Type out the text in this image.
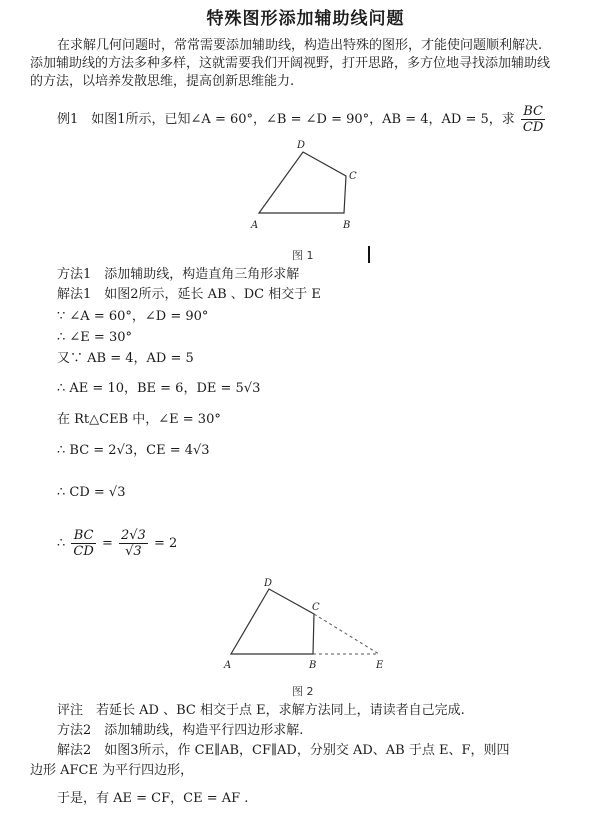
特殊图形添加辅助线问题
在求解几何问题时，常常需要添加辅助线，构造出特殊的图形，才能使问题顺利解决.
添加辅助线的方法多种多样，这就需要我们开阔视野，打开思路，多方位地寻找添加辅助线
的方法，以培养发散思维，提高创新思维能力.
例1　如图1所示，已知∠A = 60°，∠B = ∠D = 90°，AB = 4，AD = 5，求 $\frac{BC}{CD}$
A	B
C
D
图 1
方法1　添加辅助线，构造直角三角形求解
解法1　如图2所示，延长 AB 、DC 相交于 E
∵ ∠A = 60°，∠D = 90°
∴ ∠E = 30°
又∵ AB = 4，AD = 5
∴ AE = 10，BE = 6，DE = 5√3
在 Rt△CEB 中，∠E = 30°
∴ BC = 2√3，CE = 4√3
∴ CD = √3
∴ $\frac{BC}{CD} = \frac{2√3}{√3} = 2$
A	B
C
D
E
图 2
评注　若延长 AD 、BC 相交于点 E，求解方法同上，请读者自己完成.
方法2　添加辅助线，构造平行四边形求解.
解法2　如图3所示，作 CE∥AB，CF∥AD，分别交 AD、AB 于点 E、F，则四
边形 AFCE 为平行四边形，
于是，有 AE = CF，CE = AF .
